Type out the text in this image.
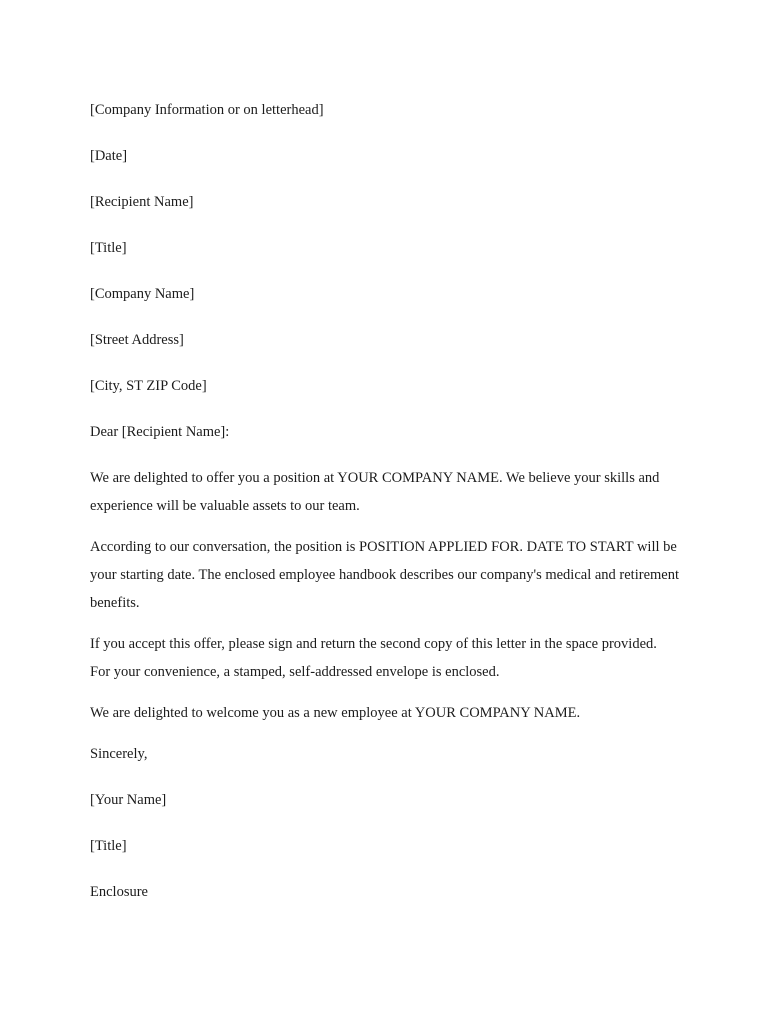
[Company Information or on letterhead]
[Date]
[Recipient Name]
[Title]
[Company Name]
[Street Address]
[City, ST ZIP Code]
Dear [Recipient Name]:
We are delighted to offer you a position at YOUR COMPANY NAME. We believe your skills and experience will be valuable assets to our team.
According to our conversation, the position is POSITION APPLIED FOR. DATE TO START will be your starting date. The enclosed employee handbook describes our company's medical and retirement benefits.
If you accept this offer, please sign and return the second copy of this letter in the space provided. For your convenience, a stamped, self-addressed envelope is enclosed.
We are delighted to welcome you as a new employee at YOUR COMPANY NAME.
Sincerely,
[Your Name]
[Title]
Enclosure
